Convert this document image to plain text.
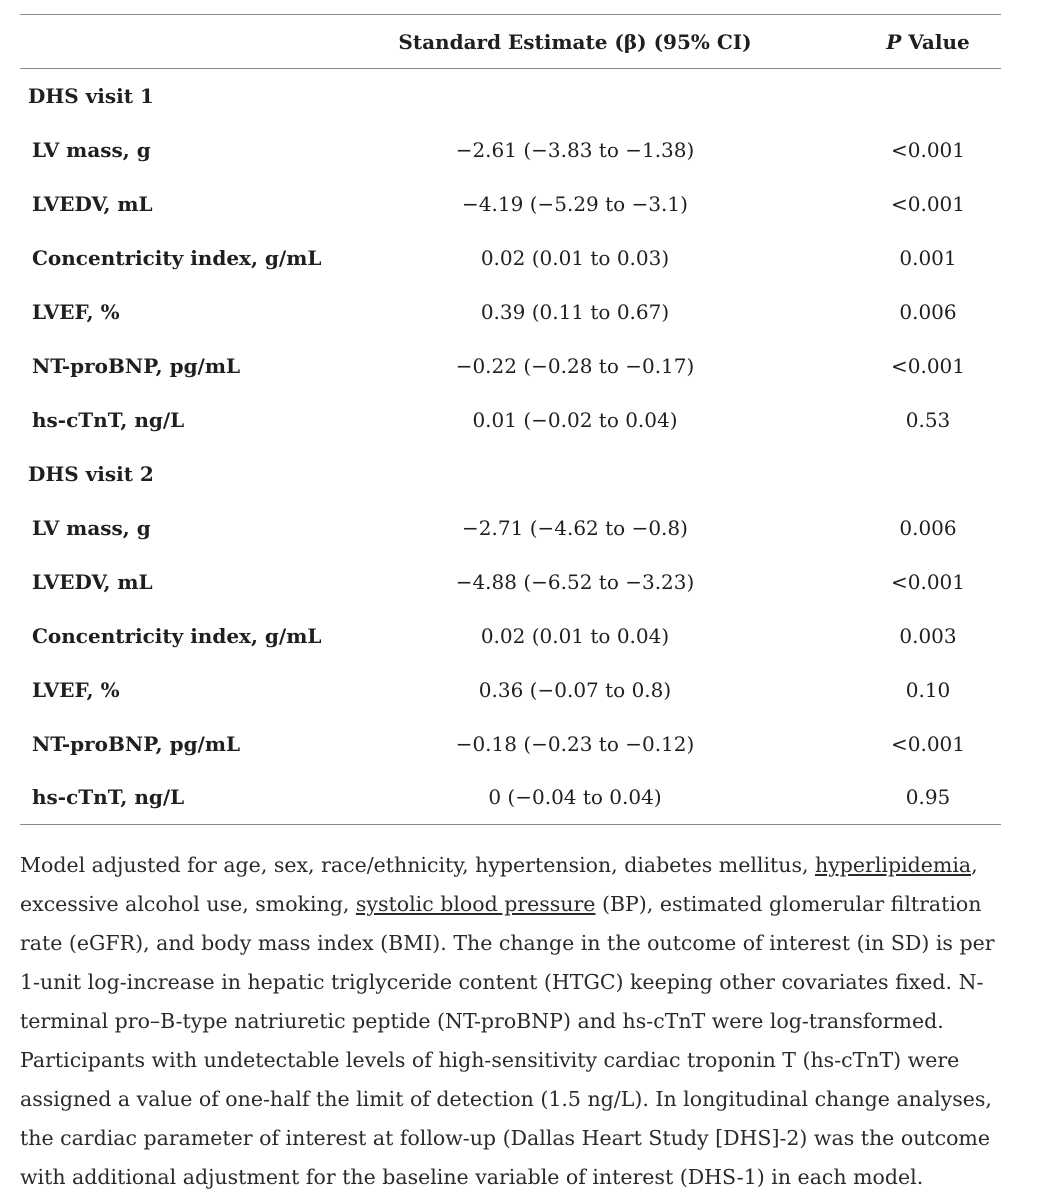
	Standard Estimate (β) (95% CI)	P Value
DHS visit 1		
LV mass, g	−2.61 (−3.83 to −1.38)	<0.001
LVEDV, mL	−4.19 (−5.29 to −3.1)	<0.001
Concentricity index, g/mL	0.02 (0.01 to 0.03)	0.001
LVEF, %	0.39 (0.11 to 0.67)	0.006
NT-proBNP, pg/mL	−0.22 (−0.28 to −0.17)	<0.001
hs-cTnT, ng/L	0.01 (−0.02 to 0.04)	0.53
DHS visit 2		
LV mass, g	−2.71 (−4.62 to −0.8)	0.006
LVEDV, mL	−4.88 (−6.52 to −3.23)	<0.001
Concentricity index, g/mL	0.02 (0.01 to 0.04)	0.003
LVEF, %	0.36 (−0.07 to 0.8)	0.10
NT-proBNP, pg/mL	−0.18 (−0.23 to −0.12)	<0.001
hs-cTnT, ng/L	0 (−0.04 to 0.04)	0.95
Model adjusted for age, sex, race/ethnicity, hypertension, diabetes mellitus, hyperlipidemia, excessive alcohol use, smoking, systolic blood pressure (BP), estimated glomerular filtration rate (eGFR), and body mass index (BMI). The change in the outcome of interest (in SD) is per 1-unit log-increase in hepatic triglyceride content (HTGC) keeping other covariates fixed. N-terminal pro–B-type natriuretic peptide (NT-proBNP) and hs-cTnT were log-transformed. Participants with undetectable levels of high-sensitivity cardiac troponin T (hs-cTnT) were assigned a value of one-half the limit of detection (1.5 ng/L). In longitudinal change analyses, the cardiac parameter of interest at follow-up (Dallas Heart Study [DHS]-2) was the outcome with additional adjustment for the baseline variable of interest (DHS-1) in each model.
